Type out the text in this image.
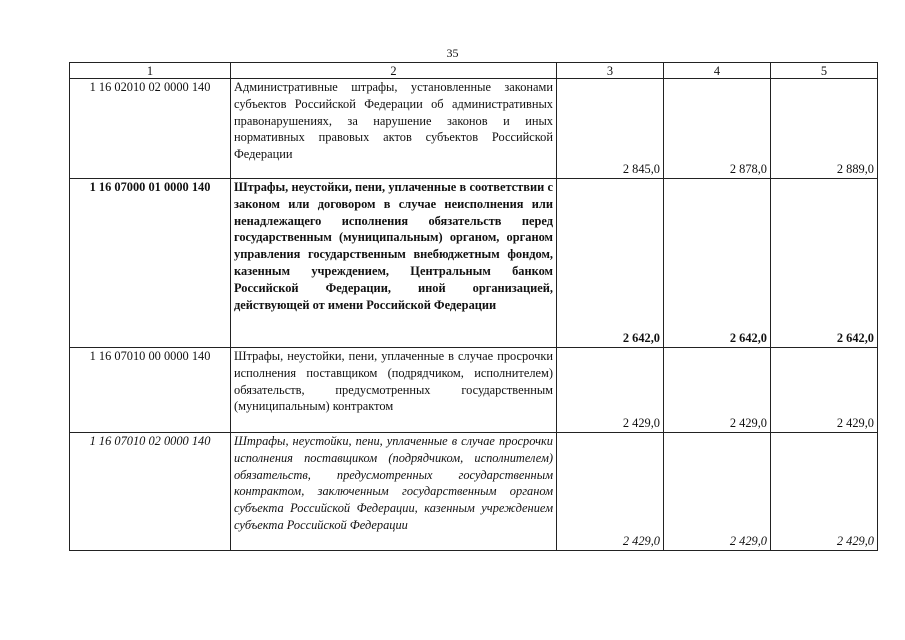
35
1	2	3	4	5
1 16 02010 02 0000 140	Административные штрафы, установленные законами субъектов Российской Федерации об административных правонарушениях, за нарушение законов и иных нормативных правовых актов субъектов Российской Федерации	2 845,0	2 878,0	2 889,0
1 16 07000 01 0000 140	Штрафы, неустойки, пени, уплаченные в соответствии с законом или договором в случае неисполнения или ненадлежащего исполнения обязательств перед государственным (муниципальным) органом, органом управления государственным внебюджетным фондом, казенным учреждением, Центральным банком Российской Федерации, иной организацией, действующей от имени Российской Федерации	2 642,0	2 642,0	2 642,0
1 16 07010 00 0000 140	Штрафы, неустойки, пени, уплаченные в случае просрочки исполнения поставщиком (подрядчиком, исполнителем) обязательств, предусмотренных государственным (муниципальным) контрактом	2 429,0	2 429,0	2 429,0
1 16 07010 02 0000 140	Штрафы, неустойки, пени, уплаченные в случае просрочки исполнения поставщиком (подрядчиком, исполнителем) обязательств, предусмотренных государственным контрактом, заключенным государственным органом субъекта Российской Федерации, казенным учреждением субъекта Российской Федерации	2 429,0	2 429,0	2 429,0
